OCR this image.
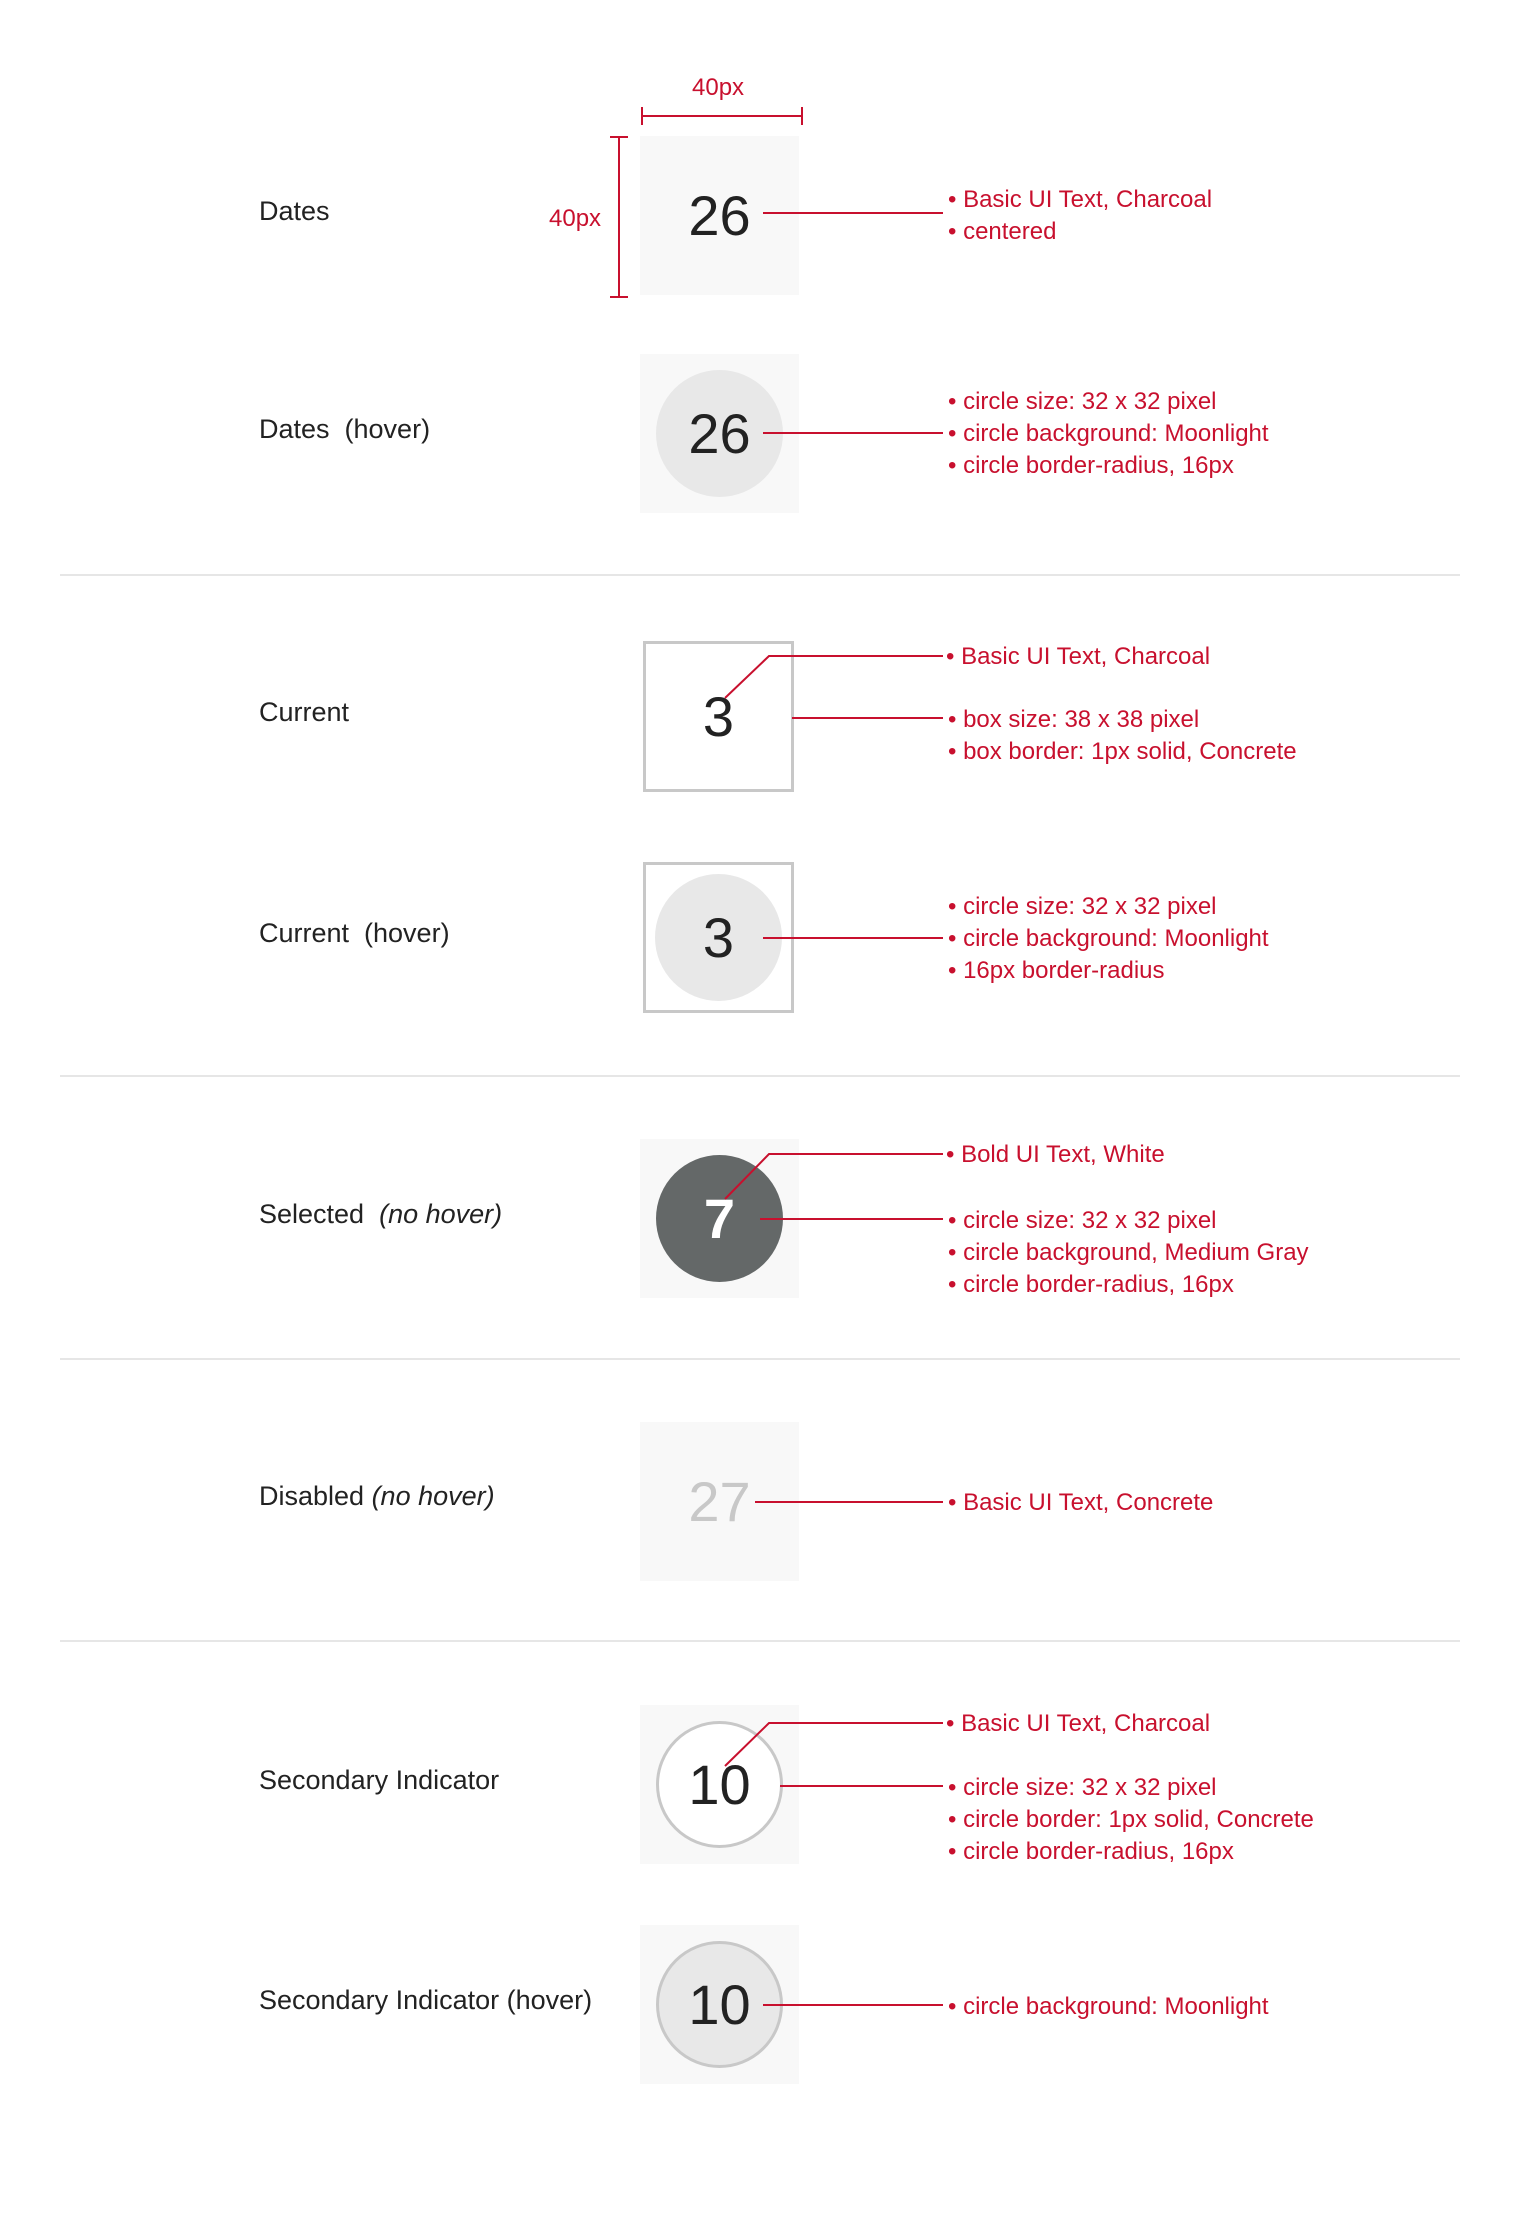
Dates
Dates  (hover)
Current
Current  (hover)
Selected  (no hover)
Disabled (no hover)
Secondary Indicator
Secondary Indicator (hover)
26
26
3
3
7
27
10
10
40px
40px
• Basic UI Text, Charcoal
• centered
• circle size: 32 x 32 pixel
• circle background: Moonlight
• circle border-radius, 16px
• Basic UI Text, Charcoal
• box size: 38 x 38 pixel
• box border: 1px solid, Concrete
• circle size: 32 x 32 pixel
• circle background: Moonlight
• 16px border-radius
• Bold UI Text, White
• circle size: 32 x 32 pixel
• circle background, Medium Gray
• circle border-radius, 16px
• Basic UI Text, Concrete
• Basic UI Text, Charcoal
• circle size: 32 x 32 pixel
• circle border: 1px solid, Concrete
• circle border-radius, 16px
• circle background: Moonlight
